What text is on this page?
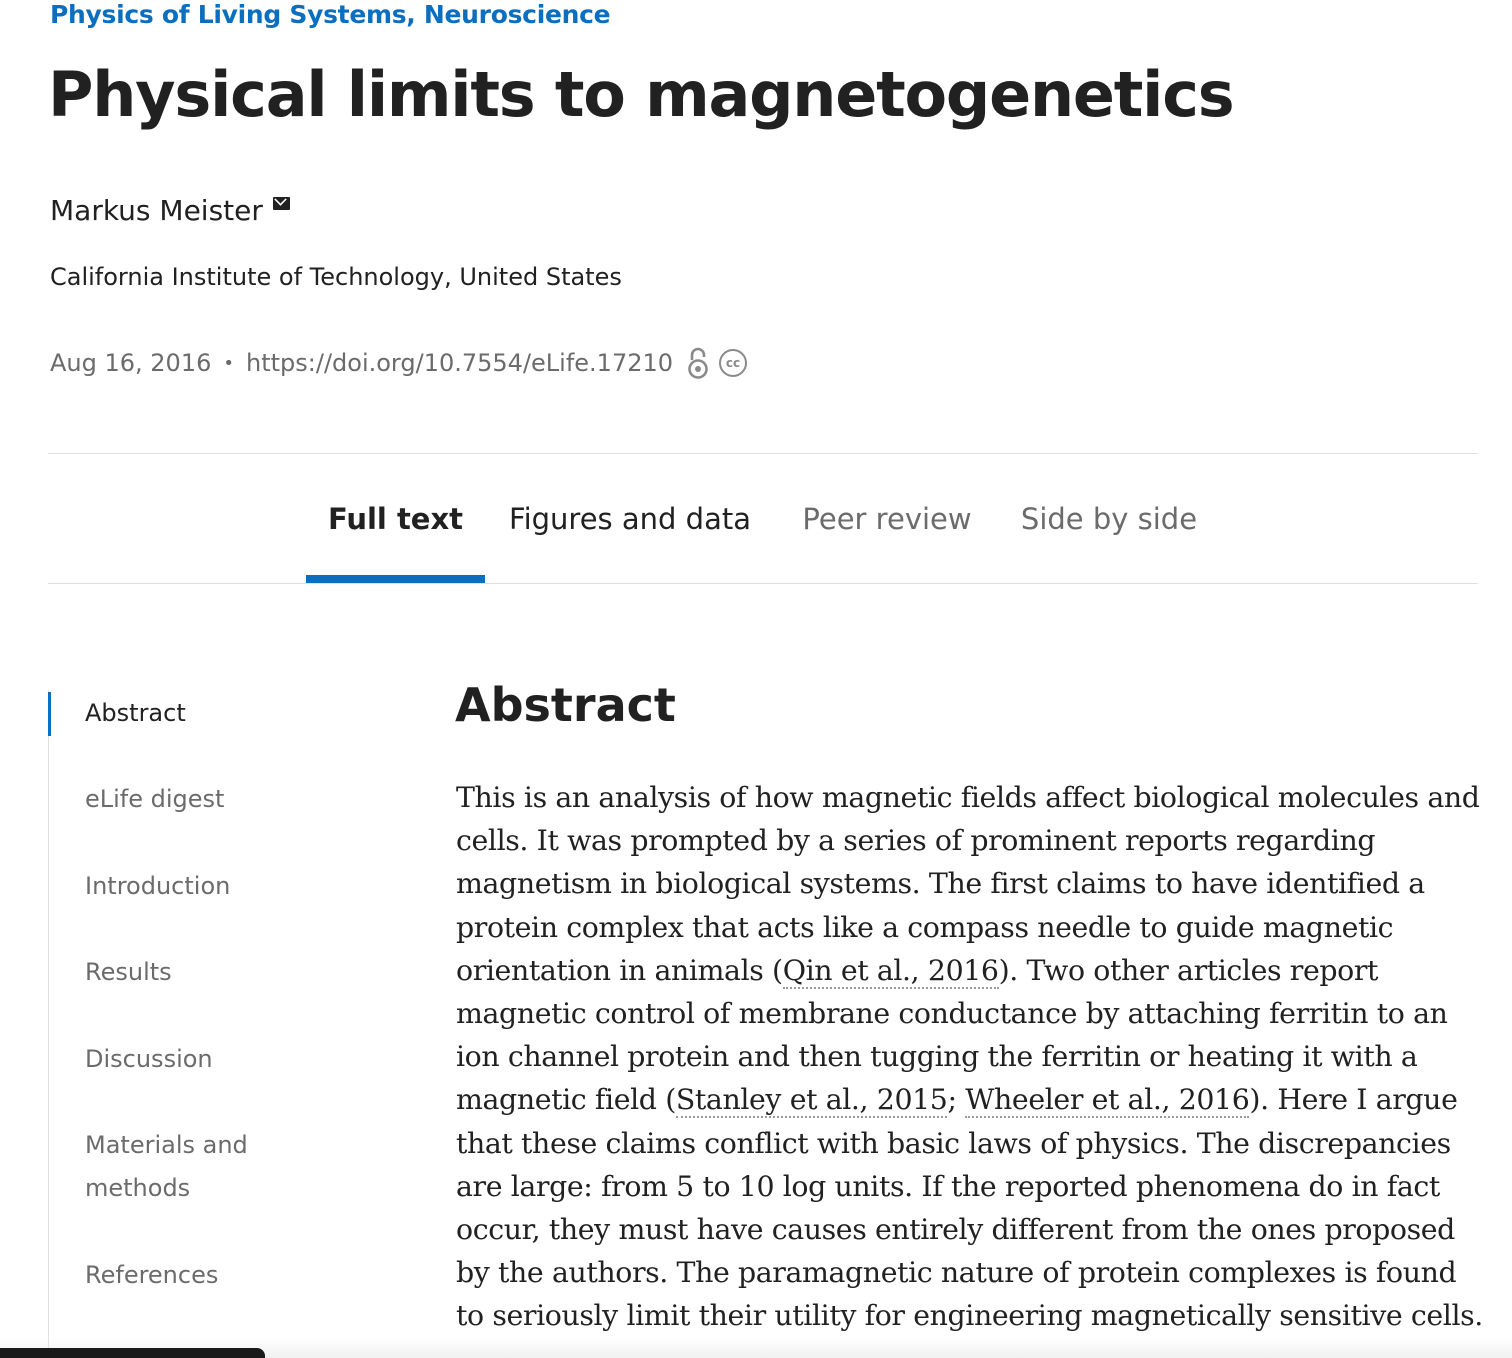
Physics of Living Systems, Neuroscience
Physical limits to magnetogenetics
Markus Meister
California Institute of Technology, United States
Aug 16, 2016 • https://doi.org/10.7554/eLife.17210	cc
Full text	Figures and data	Peer review	Side by side
Abstract
eLife digest
Introduction
Results
Discussion
Materials and methods
References
Abstract

This is an analysis of how magnetic fields affect biological molecules and cells. It was prompted by a series of prominent reports regarding magnetism in biological systems. The first claims to have identified a protein complex that acts like a compass needle to guide magnetic orientation in animals (Qin et al., 2016). Two other articles report magnetic control of membrane conductance by attaching ferritin to an ion channel protein and then tugging the ferritin or heating it with a magnetic field (Stanley et al., 2015; Wheeler et al., 2016). Here I argue that these claims conflict with basic laws of physics. The discrepancies are large: from 5 to 10 log units. If the reported phenomena do in fact occur, they must have causes entirely different from the ones proposed by the authors. The paramagnetic nature of protein complexes is found to seriously limit their utility for engineering magnetically sensitive cells.
